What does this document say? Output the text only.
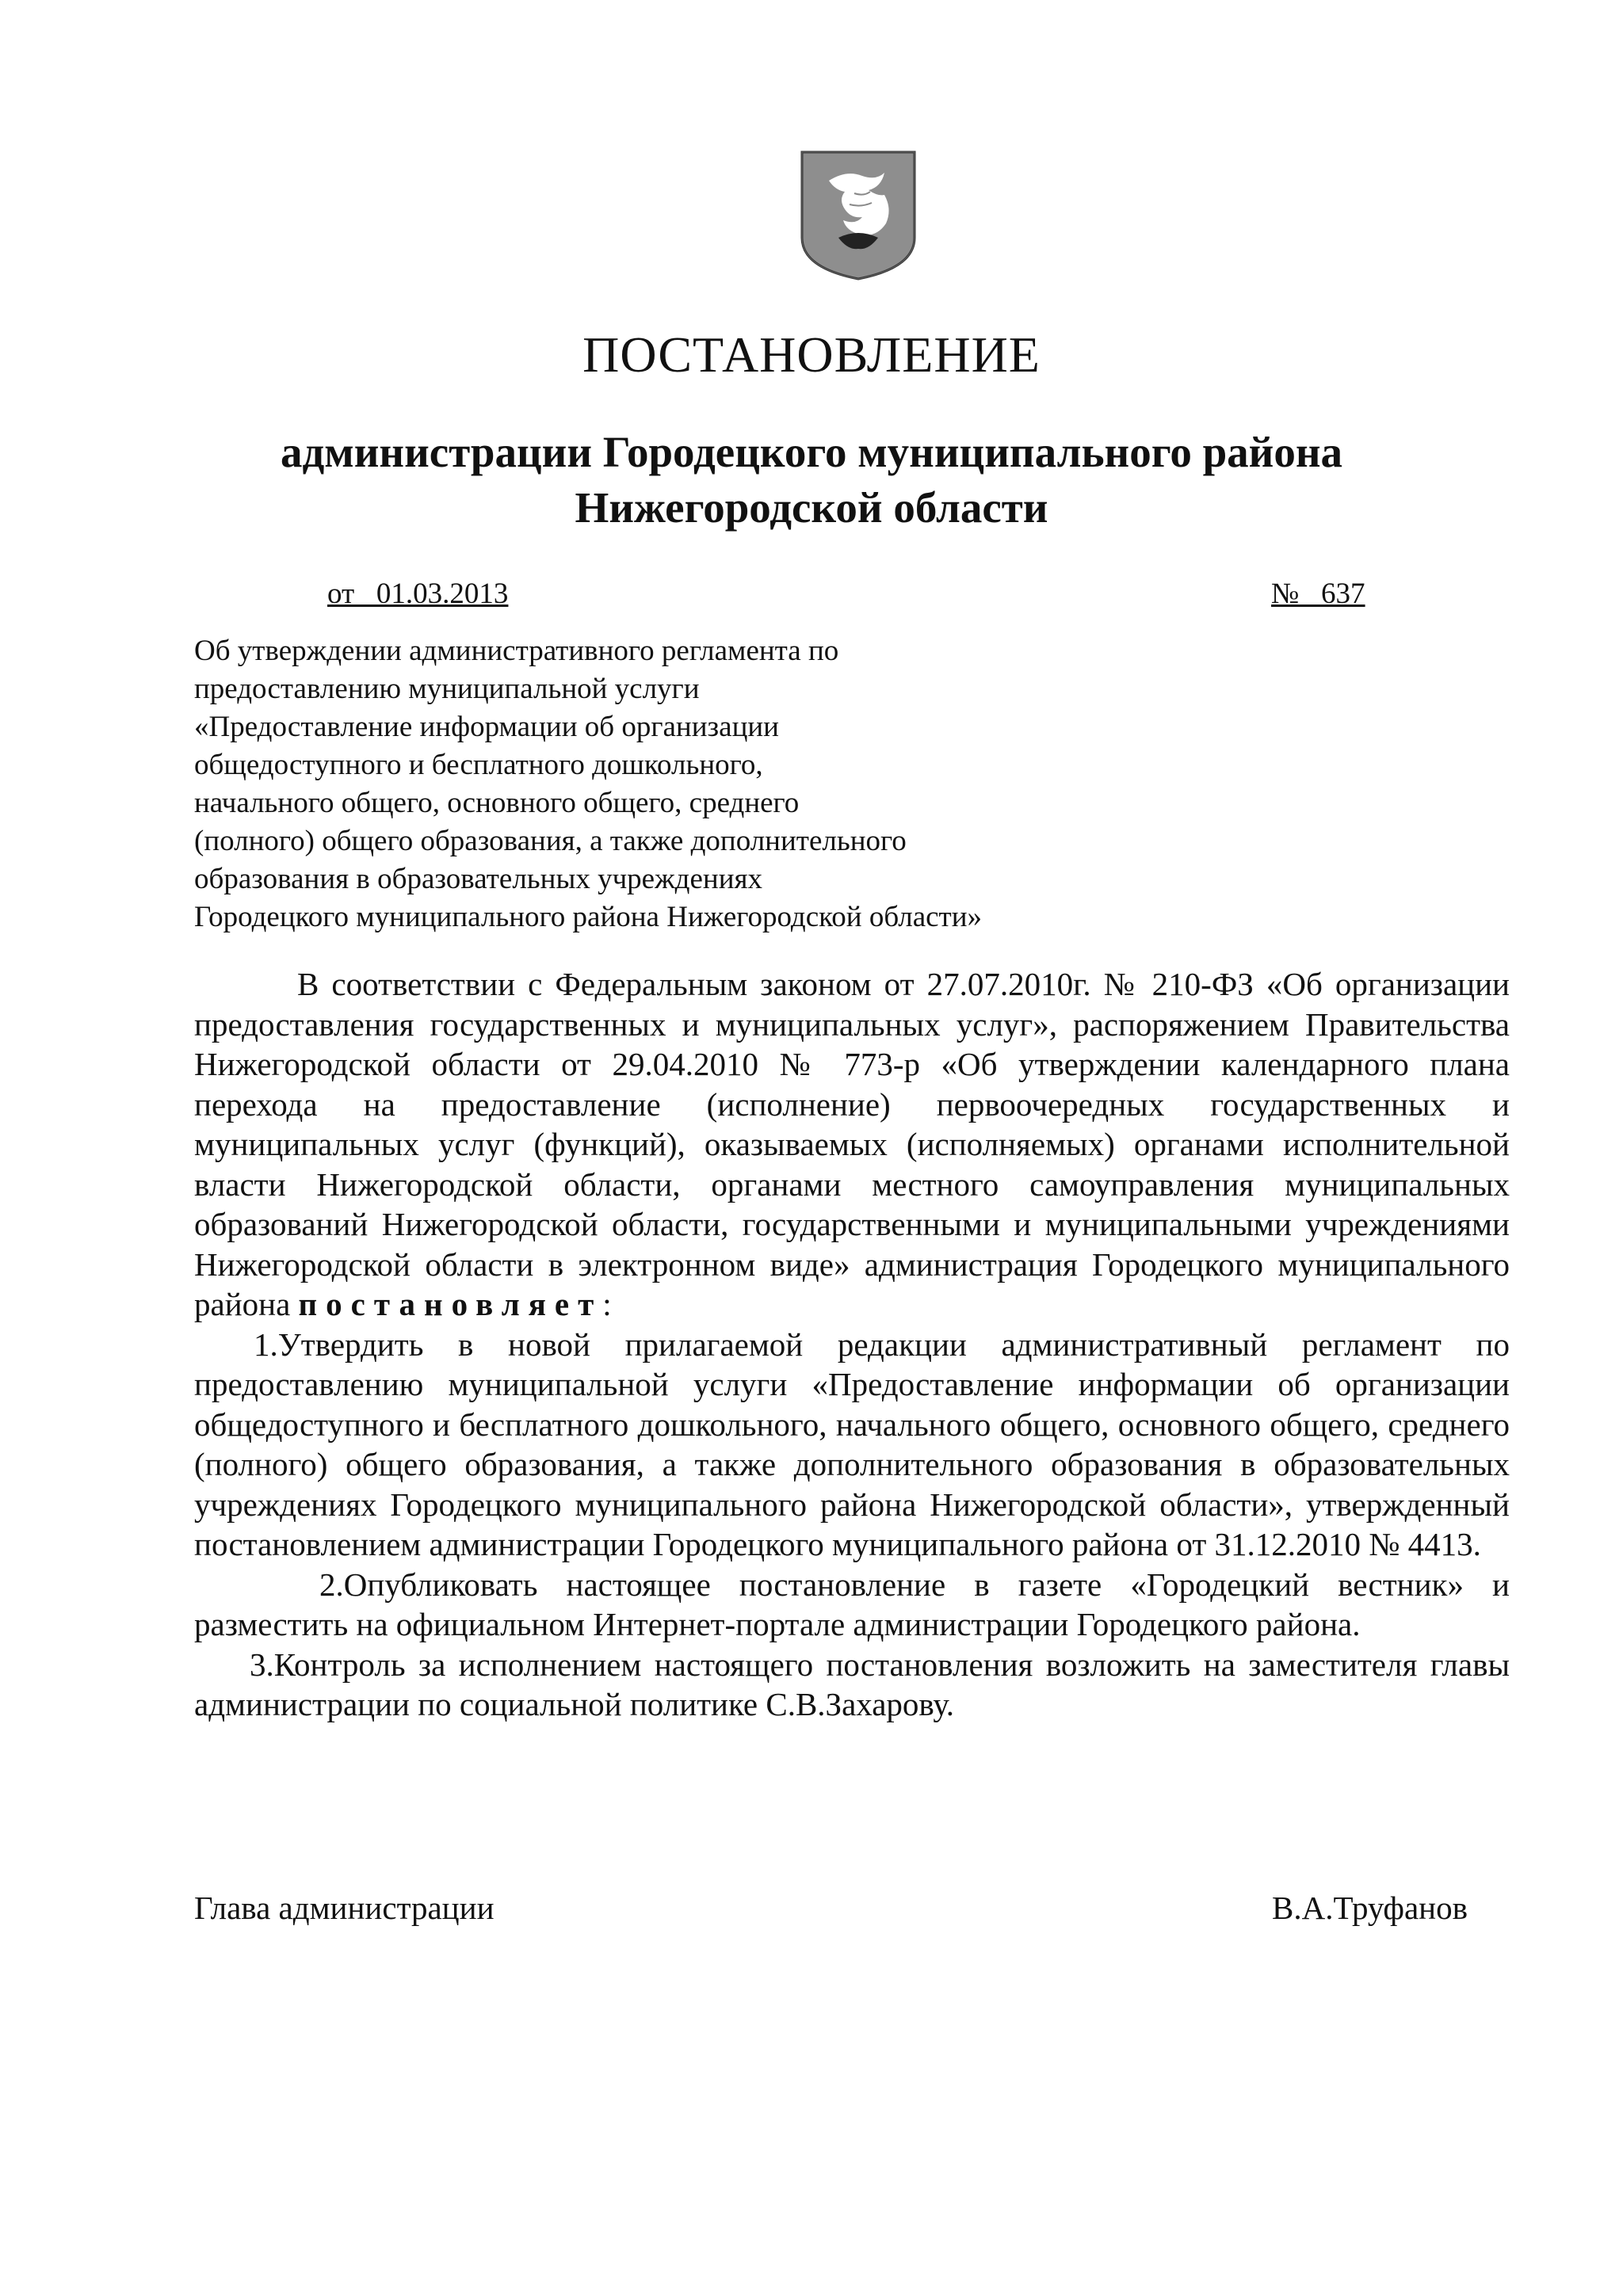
ПОСТАНОВЛЕНИЕ
администрации Городецкого муниципального района
Нижегородской области
от   01.03.2013	№   637
Об утверждении административного регламента по
предоставлению муниципальной услуги
«Предоставление информации об организации
общедоступного и бесплатного дошкольного,
начального общего, основного общего, среднего
(полного) общего образования, а также дополнительного
образования в образовательных учреждениях
Городецкого муниципального района Нижегородской области»

В соответствии с Федеральным законом от 27.07.2010г. № 210-ФЗ «Об организации предоставления государственных и муниципальных услуг», распоряжением Правительства Нижегородской области от 29.04.2010 № 773-р «Об утверждении календарного плана перехода на предоставление (исполнение) первоочередных государственных и муниципальных услуг (функций), оказываемых (исполняемых) органами исполнительной власти Нижегородской области, органами местного самоуправления муниципальных образований Нижегородской области, государственными и муниципальными учреждениями Нижегородской области в электронном виде» администрация Городецкого муниципального района постановляет:

1.Утвердить в новой прилагаемой редакции административный регламент по предоставлению муниципальной услуги «Предоставление информации об организации общедоступного и бесплатного дошкольного, начального общего, основного общего, среднего (полного) общего образования, а также дополнительного образования в образовательных учреждениях Городецкого муниципального района Нижегородской области», утвержденный постановлением администрации Городецкого муниципального района от 31.12.2010 № 4413.

2.Опубликовать настоящее постановление в газете «Городецкий вестник» и разместить на официальном Интернет-портале администрации Городецкого района.

3.Контроль за исполнением настоящего постановления возложить на заместителя главы администрации по социальной политике С.В.Захарову.

Глава администрации	В.А.Труфанов
